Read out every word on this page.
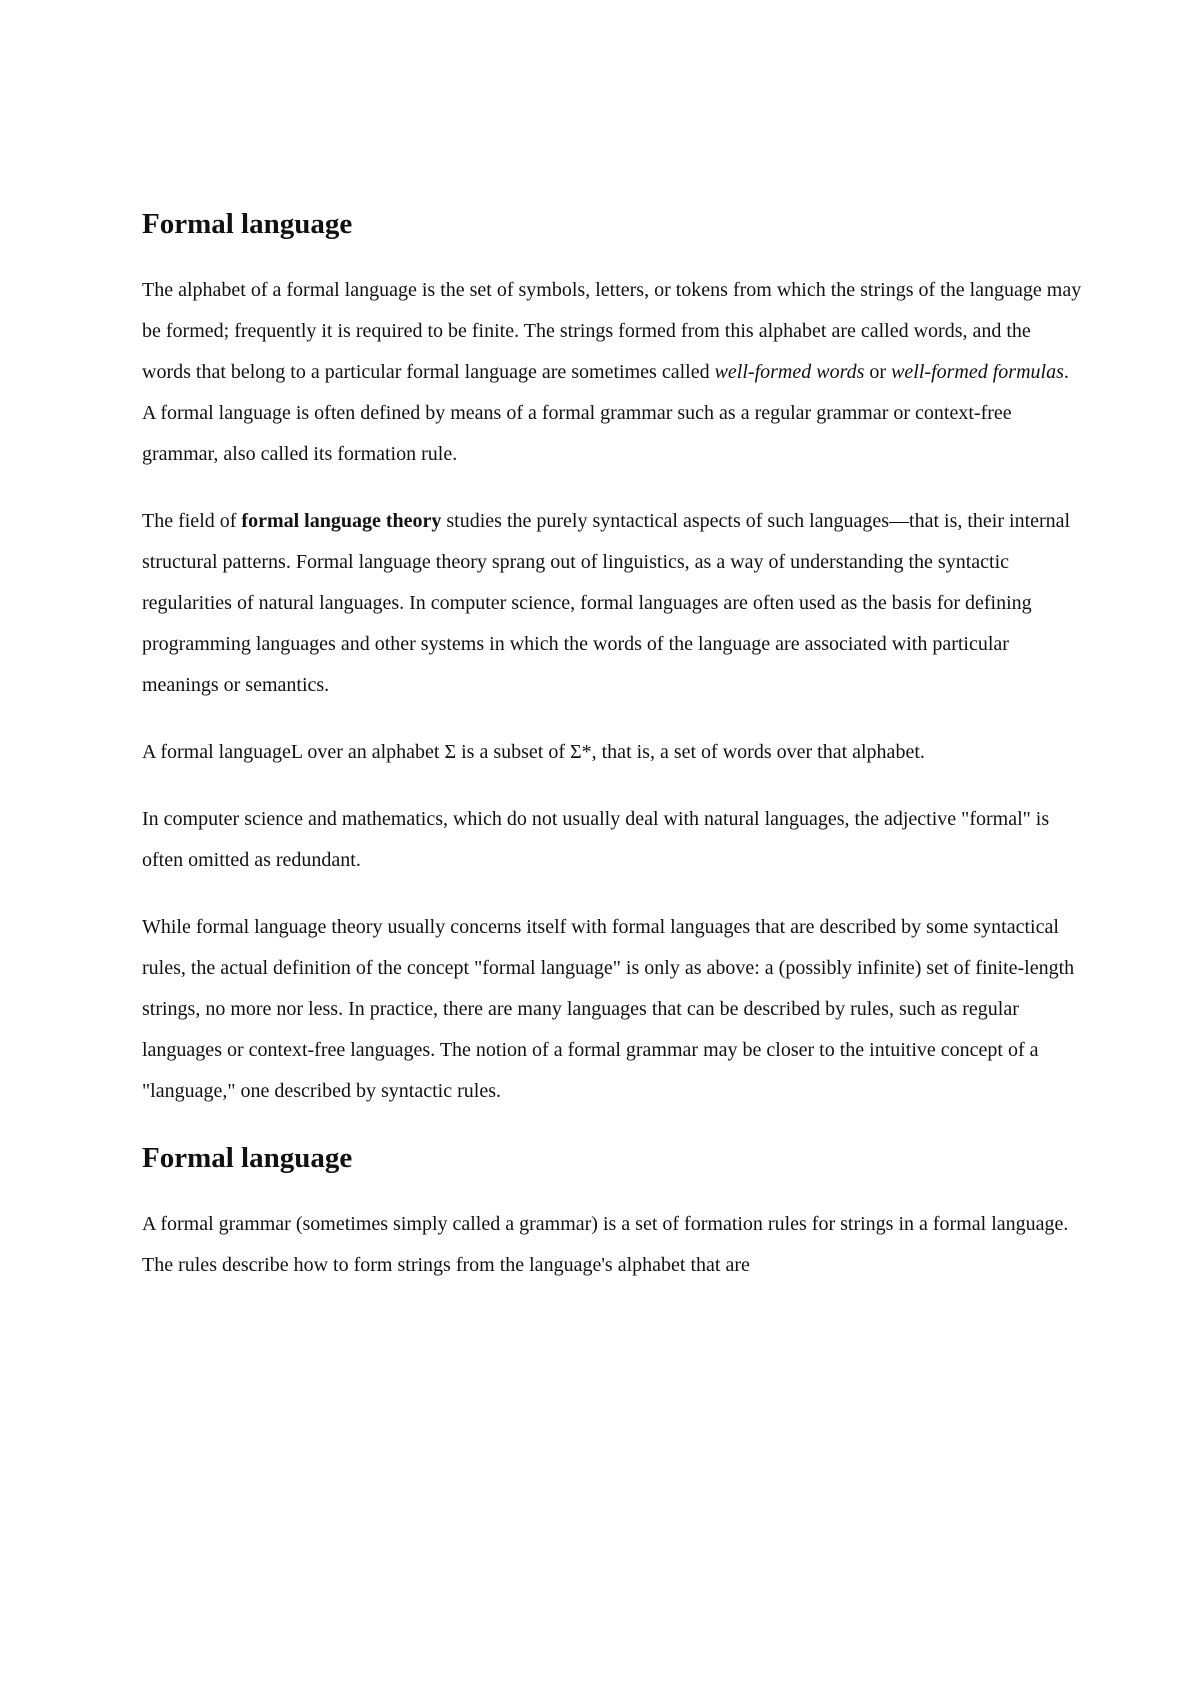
Formal language

The alphabet of a formal language is the set of symbols, letters, or tokens from which the strings of the language may be formed; frequently it is required to be finite. The strings formed from this alphabet are called words, and the words that belong to a particular formal language are sometimes called well-formed words or well-formed formulas. A formal language is often defined by means of a formal grammar such as a regular grammar or context-free grammar, also called its formation rule.

The field of formal language theory studies the purely syntactical aspects of such languages—that is, their internal structural patterns. Formal language theory sprang out of linguistics, as a way of understanding the syntactic regularities of natural languages. In computer science, formal languages are often used as the basis for defining programming languages and other systems in which the words of the language are associated with particular meanings or semantics.

A formal languageL over an alphabet Σ is a subset of Σ*, that is, a set of words over that alphabet.

In computer science and mathematics, which do not usually deal with natural languages, the adjective "formal" is often omitted as redundant.

While formal language theory usually concerns itself with formal languages that are described by some syntactical rules, the actual definition of the concept "formal language" is only as above: a (possibly infinite) set of finite-length strings, no more nor less. In practice, there are many languages that can be described by rules, such as regular languages or context-free languages. The notion of a formal grammar may be closer to the intuitive concept of a "language," one described by syntactic rules.

Formal language

A formal grammar (sometimes simply called a grammar) is a set of formation rules for strings in a formal language. The rules describe how to form strings from the language's alphabet that are
